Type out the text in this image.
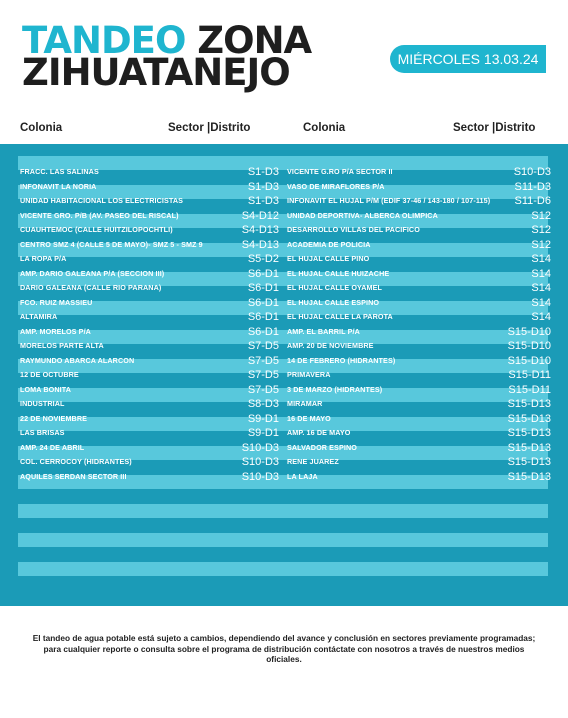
TANDEO ZONA
ZIHUATANEJO	MIÉRCOLES 13.03.24
Colonia	Sector |Distrito	Colonia	Sector |Distrito
FRACC. LAS SALINAS	S1-D3
INFONAVIT LA NORIA	S1-D3
UNIDAD HABITACIONAL LOS ELECTRICISTAS	S1-D3
VICENTE GRO. P/B (AV. PASEO DEL RISCAL)	S4-D12
CUAUHTEMOC (CALLE HUITZILOPOCHTLI)	S4-D13
CENTRO SMZ 4 (CALLE 5 DE MAYO)- SMZ 5 - SMZ 9	S4-D13
LA ROPA P/A	S5-D2
AMP. DARIO GALEANA P/A (SECCION III)	S6-D1
DARIO GALEANA (CALLE RIO PARANA)	S6-D1
FCO. RUIZ MASSIEU	S6-D1
ALTAMIRA	S6-D1
AMP. MORELOS P/A	S6-D1
MORELOS PARTE ALTA	S7-D5
RAYMUNDO ABARCA ALARCON	S7-D5
12 DE OCTUBRE	S7-D5
LOMA BONITA	S7-D5
INDUSTRIAL	S8-D3
22 DE NOVIEMBRE	S9-D1
LAS BRISAS	S9-D1
AMP. 24 DE ABRIL	S10-D3
COL. CERROCOY (HIDRANTES)	S10-D3
AQUILES SERDAN SECTOR III	S10-D3
VICENTE G.RO P/A SECTOR II	S10-D3
VASO DE MIRAFLORES P/A	S11-D3
INFONAVIT EL HUJAL P/M (EDIF 37-46 / 143-180 / 107-115) S11-D6
UNIDAD DEPORTIVA- ALBERCA OLIMPICA	S12
DESARROLLO VILLAS DEL PACIFICO	S12
ACADEMIA DE POLICIA	S12
EL HUJAL CALLE PINO	S14
EL HUJAL CALLE HUIZACHE	S14
EL HUJAL CALLE OYAMEL	S14
EL HUJAL CALLE ESPINO	S14
EL HUJAL CALLE LA PAROTA	S14
AMP. EL BARRIL P/A	S15-D10
AMP. 20 DE NOVIEMBRE	S15-D10
14 DE FEBRERO (HIDRANTES)	S15-D10
PRIMAVERA	S15-D11
3 DE MARZO (HIDRANTES)	S15-D11
MIRAMAR	S15-D13
16 DE MAYO	S15-D13
AMP. 16 DE MAYO	S15-D13
SALVADOR ESPINO	S15-D13
RENE JUAREZ	S15-D13
LA LAJA	S15-D13
El tandeo de agua potable está sujeto a cambios, dependiendo del avance y conclusión en sectores previamente programadas; para cualquier reporte o consulta sobre el programa de distribución contáctate con nosotros a través de nuestros medios oficiales.
